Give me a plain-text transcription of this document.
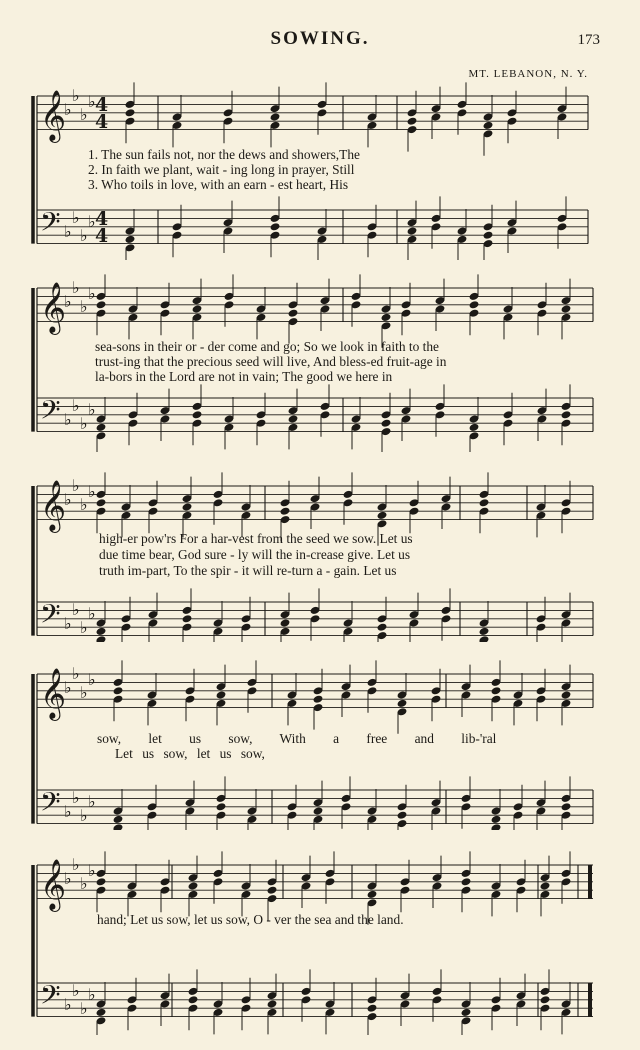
SOWING.	173
MT. LEBANON, N. Y.
𝄞
♭
♭
♭
♭ 4
4
𝄢 ♭
♭
♭
♭ 4
4
1. The sun fails not, nor the dews and showers,The
2. In faith we plant, wait - ing long in prayer, Still
3. Who toils in love, with an earn - est heart, His
𝄞
♭
♭
♭
♭
𝄢 ♭
♭
♭
♭
sea-sons in their or - der come and go; So we look in faith to the
trust-ing that the precious seed will live, And bless-ed fruit-age in
la-bors in the Lord are not in vain; The good we here in
𝄞
♭
♭
♭
♭
𝄢 ♭
♭
♭
♭
high-er pow'rs For a har-vest from the seed we sow. Let us
due time bear, God sure - ly will the in-crease give. Let us
truth im-part, To the spir - it will re-turn a - gain. Let us
𝄞
♭
♭
♭
♭
𝄢 ♭
♭
♭
♭
sow, let us sow, With a free and lib-'ral
Let us sow, let us sow,
𝄞
♭
♭
♭
♭
𝄢 ♭
♭
♭
♭
hand; Let us sow, let us sow, O - ver the sea and the land.
